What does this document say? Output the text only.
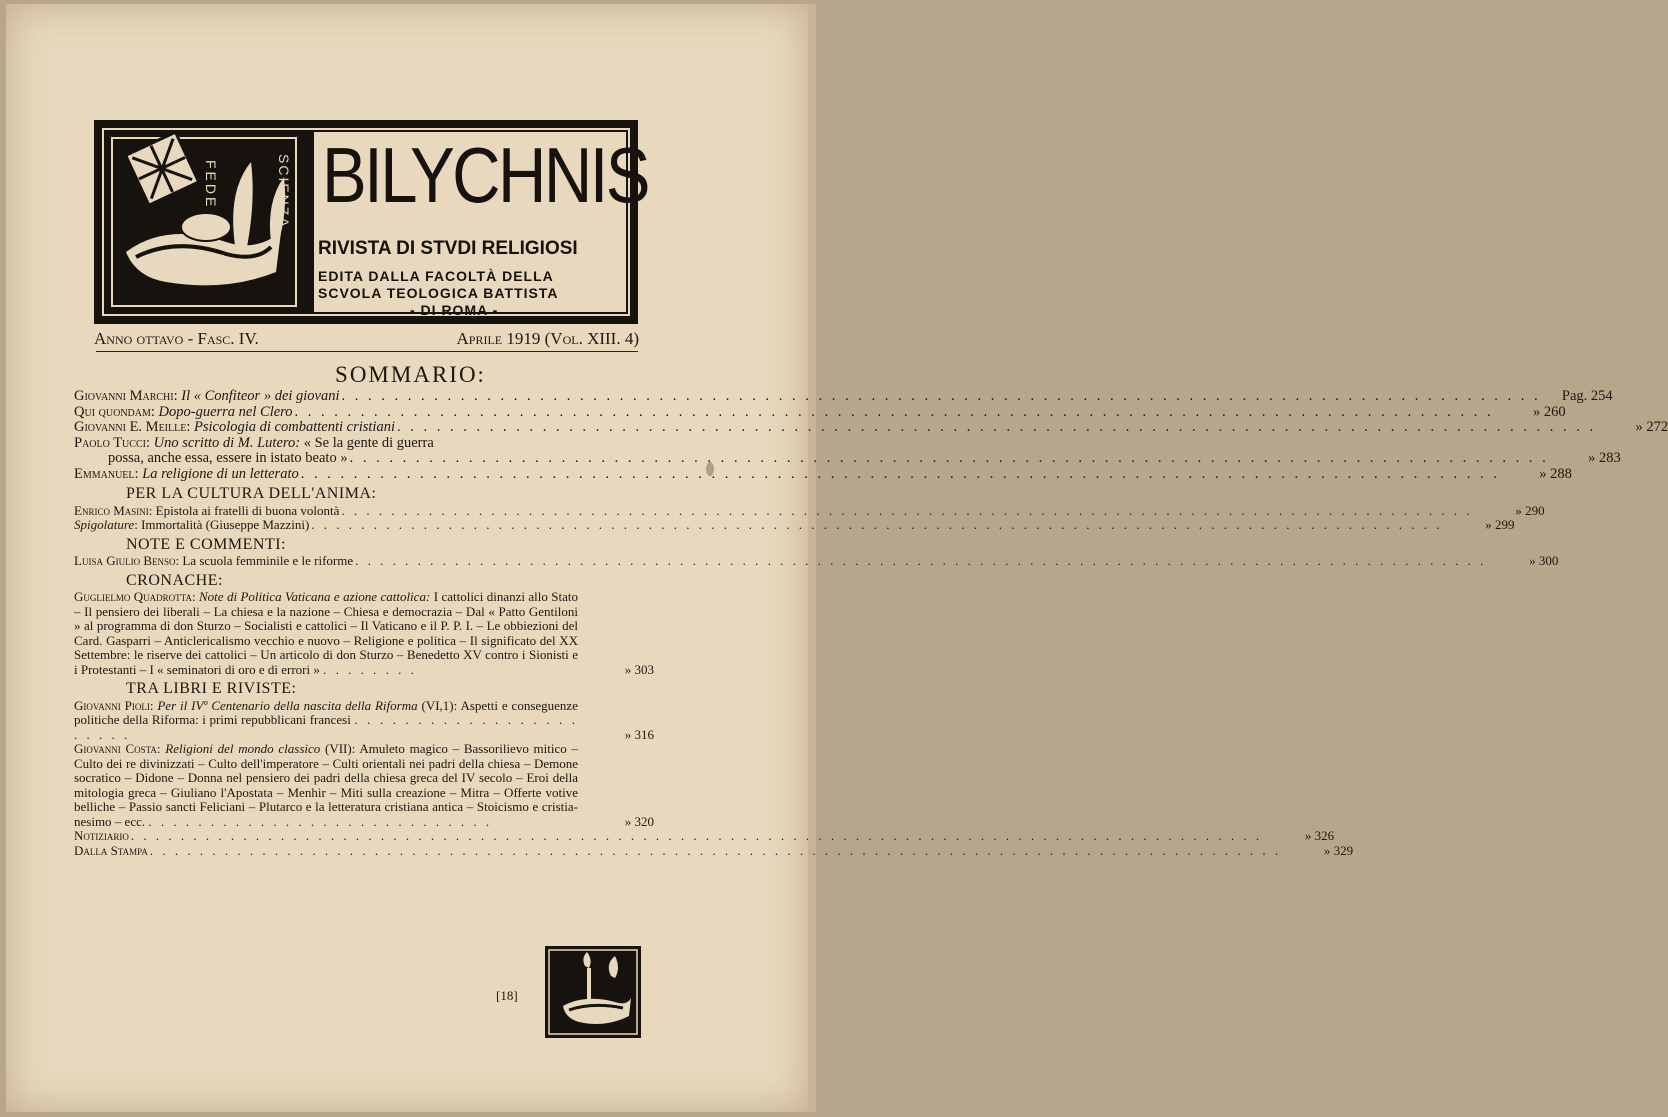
FEDE	SCIENZA BILYCHNIS
RIVISTA DI STVDI RELIGIOSI
EDITA DALLA FACOLTÀ DELLA
SCVOLA TEOLOGICA BATTISTA
- DI ROMA -
Anno ottavo - Fasc. IV.	Aprile 1919 (Vol. XIII. 4)
SOMMARIO:
Giovanni Marchi: Il « Confiteor » dei giovani . . .	Pag. 254
Qui quondam: Dopo-guerra nel Clero . . .	» 260
Giovanni E. Meille: Psicologia di combattenti cristiani . . .	» 272
Paolo Tucci: Uno scritto di M. Lutero: « Se la gente di guerra
possa, anche essa, essere in istato beato » . . .	» 283
Emmanuel: La religione di un letterato . . .	» 288
PER LA CULTURA DELL'ANIMA:
Enrico Masini: Epistola ai fratelli di buona volontà . . .	» 290
Spigolature: Immortalità (Giuseppe Mazzini) . . .	» 299
NOTE E COMMENTI:
Luisa Giulio Benso: La scuola femminile e le riforme . . .	» 300
CRONACHE:
Guglielmo Quadrotta: Note di Politica Vaticana e azione cattolica: I cattolici dinanzi allo Stato – Il pensiero dei liberali – La chiesa e la nazione – Chiesa e democrazia – Dal « Patto Gentiloni » al programma di don Sturzo – Socialisti e cattolici – Il Vaticano e il P. P. I. – Le obbiezioni del Card. Gasparri – Anticlericalismo vecchio e nuovo – Religione e politica – Il significato del XX Settembre: le riserve dei cattolici – Un articolo di don Sturzo – Benedetto XV contro i Sionisti e i Protestanti – I « seminatori di oro e di errori » . . . . . . . .	» 303
TRA LIBRI E RIVISTE:
Giovanni Pioli: Per il IVº Centenario della nascita della Riforma (VI,1): Aspetti e conseguenze politiche della Riforma: i primi repubblicani francesi . . . . . . . . . . . . . . . . . . . . . . .	» 316
Giovanni Costa: Religioni del mondo classico (VII): Amuleto magico – Bassorilievo mitico – Culto dei re divinizzati – Culto dell'imperatore – Culti orientali nei padri della chiesa – Demone socratico – Didone – Donna nel pensiero dei padri della chiesa greca del IV secolo – Eroi della mitologia greca – Giuliano l'Apostata – Menhir – Miti sulla creazione – Mitra – Offerte votive belliche – Passio sancti Feliciani – Plutarco e la letteratura cristiana antica – Stoicismo e cristia- nesimo – ecc. . . . . . . . . . . . . . . . . . . . . . . . . . . . .	» 320
Notiziario . . .	» 326
Dalla Stampa . . .	» 329
[18]
